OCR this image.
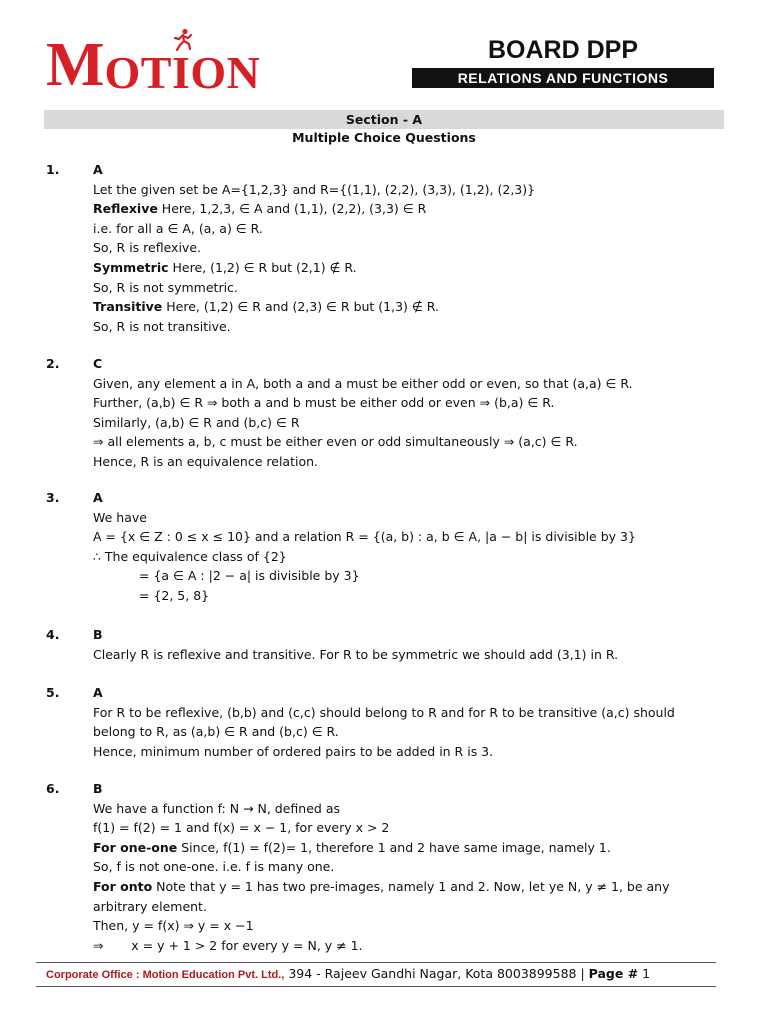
M OT I ON	BOARD DPP
RELATIONS AND FUNCTIONS
Section - A
Multiple Choice Questions
1.	A
Let the given set be A={1,2,3} and R={(1,1), (2,2), (3,3), (1,2), (2,3)}
Reflexive Here, 1,2,3, ∈ A and (1,1), (2,2), (3,3) ∈ R
i.e. for all a ∈ A, (a, a) ∈ R.
So, R is reflexive.
Symmetric Here, (1,2) ∈ R but (2,1) ∉ R.
So, R is not symmetric.
Transitive Here, (1,2) ∈ R and (2,3) ∈ R but (1,3) ∉ R.
So, R is not transitive.
2.	C
Given, any element a in A, both a and a must be either odd or even, so that (a,a) ∈ R.
Further, (a,b) ∈ R ⇒ both a and b must be either odd or even ⇒ (b,a) ∈ R.
Similarly, (a,b) ∈ R and (b,c) ∈ R
⇒ all elements a, b, c must be either even or odd simultaneously ⇒ (a,c) ∈ R.
Hence, R is an equivalence relation.
3.	A
We have
A = {x ∈ Z : 0 ≤ x ≤ 10} and a relation R = {(a, b) : a, b ∈ A, |a − b| is divisible by 3}
∴ The equivalence class of {2}
= {a ∈ A : |2 − a| is divisible by 3}
= {2, 5, 8}
4.	B
Clearly R is reflexive and transitive. For R to be symmetric we should add (3,1) in R.
5.	A
For R to be reflexive, (b,b) and (c,c) should belong to R and for R to be transitive (a,c) should
belong to R, as (a,b) ∈ R and (b,c) ∈ R.
Hence, minimum number of ordered pairs to be added in R is 3.
6.	B
We have a function f: N → N, defined as
f(1) = f(2) = 1 and f(x) = x − 1, for every x > 2
For one-one Since, f(1) = f(2)= 1, therefore 1 and 2 have same image, namely 1.
So, f is not one-one. i.e. f is many one.
For onto Note that y = 1 has two pre-images, namely 1 and 2. Now, let ye N, y ≠ 1, be any
arbitrary element.
Then, y = f(x) ⇒ y = x −1
⇒       x = y + 1 > 2 for every y = N, y ≠ 1.
Corporate Office : Motion Education Pvt. Ltd., 394 - Rajeev Gandhi Nagar, Kota 8003899588 | Page # 1
